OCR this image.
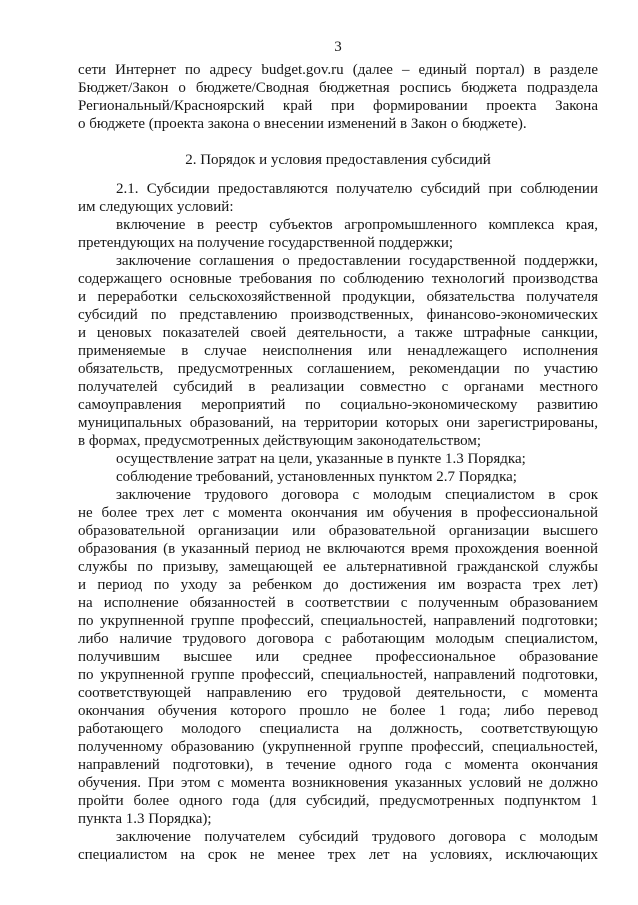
3
сети Интернет по адресу budget.gov.ru (далее – единый портал) в разделе
Бюджет/Закон о бюджете/Сводная бюджетная роспись бюджета подраздела
Региональный/Красноярский край при формировании проекта Закона
о бюджете (проекта закона о внесении изменений в Закон о бюджете).
2. Порядок и условия предоставления субсидий
2.1. Субсидии предоставляются получателю субсидий при соблюдении
им следующих условий:
включение в реестр субъектов агропромышленного комплекса края,
претендующих на получение государственной поддержки;
заключение соглашения о предоставлении государственной поддержки,
содержащего основные требования по соблюдению технологий производства
и переработки сельскохозяйственной продукции, обязательства получателя
субсидий по представлению производственных, финансово-экономических
и ценовых показателей своей деятельности, а также штрафные санкции,
применяемые в случае неисполнения или ненадлежащего исполнения
обязательств, предусмотренных соглашением, рекомендации по участию
получателей субсидий в реализации совместно с органами местного
самоуправления мероприятий по социально-экономическому развитию
муниципальных образований, на территории которых они зарегистрированы,
в формах, предусмотренных действующим законодательством;
осуществление затрат на цели, указанные в пункте 1.3 Порядка;
соблюдение требований, установленных пунктом 2.7 Порядка;
заключение трудового договора с молодым специалистом в срок
не более трех лет с момента окончания им обучения в профессиональной
образовательной организации или образовательной организации высшего
образования (в указанный период не включаются время прохождения военной
службы по призыву, замещающей ее альтернативной гражданской службы
и период по уходу за ребенком до достижения им возраста трех лет)
на исполнение обязанностей в соответствии с полученным образованием
по укрупненной группе профессий, специальностей, направлений подготовки;
либо наличие трудового договора с работающим молодым специалистом,
получившим высшее или среднее профессиональное образование
по укрупненной группе профессий, специальностей, направлений подготовки,
соответствующей направлению его трудовой деятельности, с момента
окончания обучения которого прошло не более 1 года; либо перевод
работающего молодого специалиста на должность, соответствующую
полученному образованию (укрупненной группе профессий, специальностей,
направлений подготовки), в течение одного года с момента окончания
обучения. При этом с момента возникновения указанных условий не должно
пройти более одного года (для субсидий, предусмотренных подпунктом 1
пункта 1.3 Порядка);
заключение получателем субсидий трудового договора с молодым
специалистом на срок не менее трех лет на условиях, исключающих
